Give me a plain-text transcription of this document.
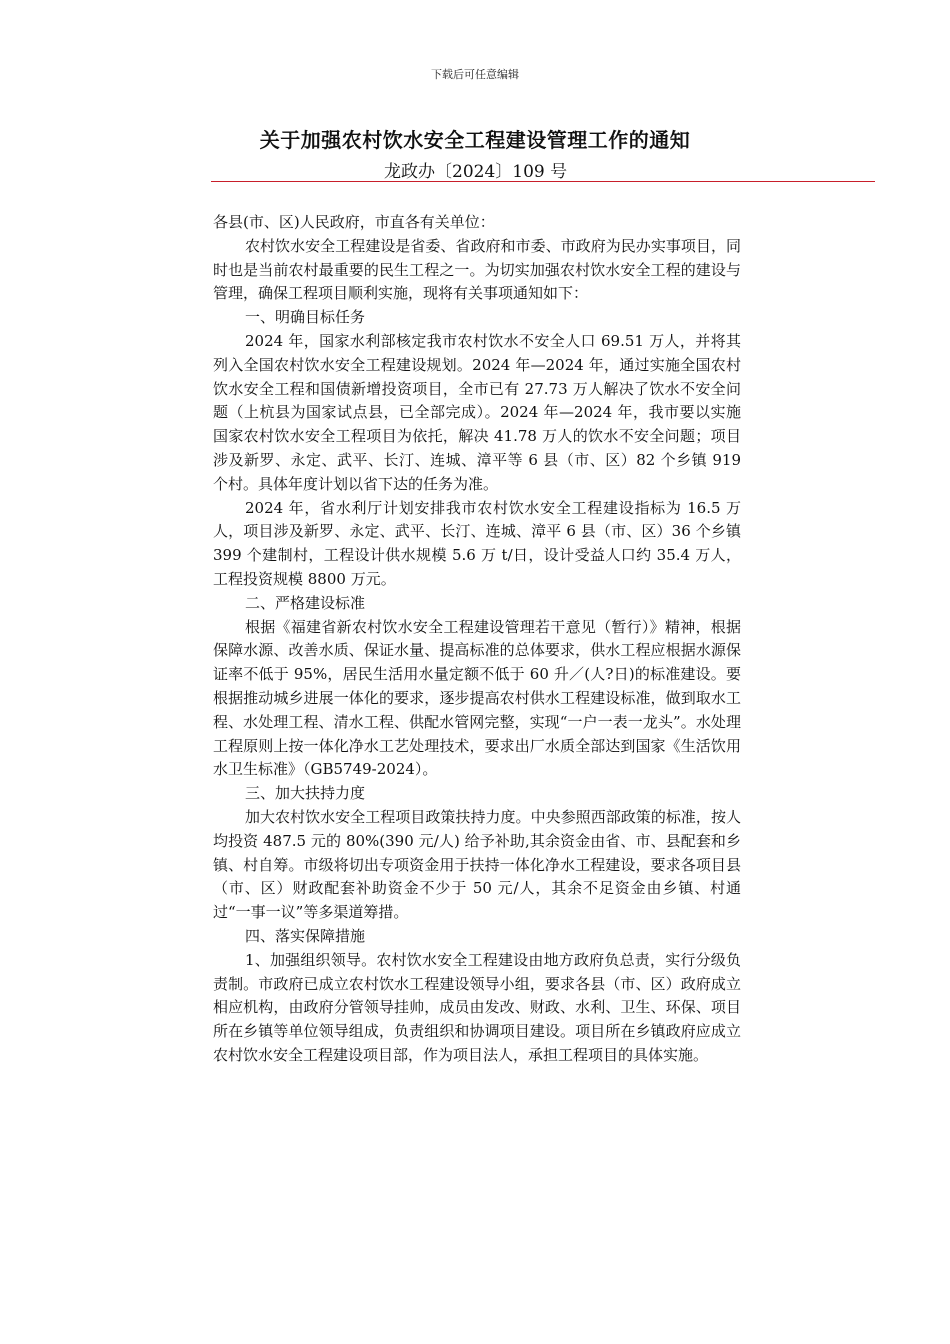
下载后可任意编辑
关于加强农村饮水安全工程建设管理工作的通知
龙政办〔2024〕109 号

各县(市、区)人民政府，市直各有关单位：

农村饮水安全工程建设是省委、省政府和市委、市政府为民办实事项目，同时也是当前农村最重要的民生工程之一。为切实加强农村饮水安全工程的建设与管理，确保工程项目顺利实施，现将有关事项通知如下：

一、明确目标任务

2024 年，国家水利部核定我市农村饮水不安全人口 69.51 万人，并将其列入全国农村饮水安全工程建设规划。2024 年—2024 年，通过实施全国农村饮水安全工程和国债新增投资项目，全市已有 27.73 万人解决了饮水不安全问题（上杭县为国家试点县，已全部完成）。2024 年—2024 年，我市要以实施国家农村饮水安全工程项目为依托，解决 41.78 万人的饮水不安全问题；项目涉及新罗、永定、武平、长汀、连城、漳平等 6 县（市、区）82 个乡镇 919 个村。具体年度计划以省下达的任务为准。

2024 年，省水利厅计划安排我市农村饮水安全工程建设指标为 16.5 万人，项目涉及新罗、永定、武平、长汀、连城、漳平 6 县（市、区）36 个乡镇 399 个建制村，工程设计供水规模 5.6 万 t/日，设计受益人口约 35.4 万人，工程投资规模 8800 万元。

二、严格建设标准

根据《福建省新农村饮水安全工程建设管理若干意见（暂行）》精神，根据保障水源、改善水质、保证水量、提高标准的总体要求，供水工程应根据水源保证率不低于 95%，居民生活用水量定额不低于 60 升／(人?日)的标准建设。要根据推动城乡进展一体化的要求，逐步提高农村供水工程建设标准，做到取水工程、水处理工程、清水工程、供配水管网完整，实现“一户一表一龙头”。水处理工程原则上按一体化净水工艺处理技术，要求出厂水质全部达到国家《生活饮用水卫生标准》（GB5749-2024）。

三、加大扶持力度

加大农村饮水安全工程项目政策扶持力度。中央参照西部政策的标准，按人均投资 487.5 元的 80%(390 元/人) 给予补助,其余资金由省、市、县配套和乡镇、村自筹。市级将切出专项资金用于扶持一体化净水工程建设，要求各项目县（市、区）财政配套补助资金不少于 50 元/人，其余不足资金由乡镇、村通过“一事一议”等多渠道筹措。

四、落实保障措施

1、加强组织领导。农村饮水安全工程建设由地方政府负总责，实行分级负责制。市政府已成立农村饮水工程建设领导小组，要求各县（市、区）政府成立相应机构，由政府分管领导挂帅，成员由发改、财政、水利、卫生、环保、项目所在乡镇等单位领导组成，负责组织和协调项目建设。项目所在乡镇政府应成立农村饮水安全工程建设项目部，作为项目法人，承担工程项目的具体实施。
